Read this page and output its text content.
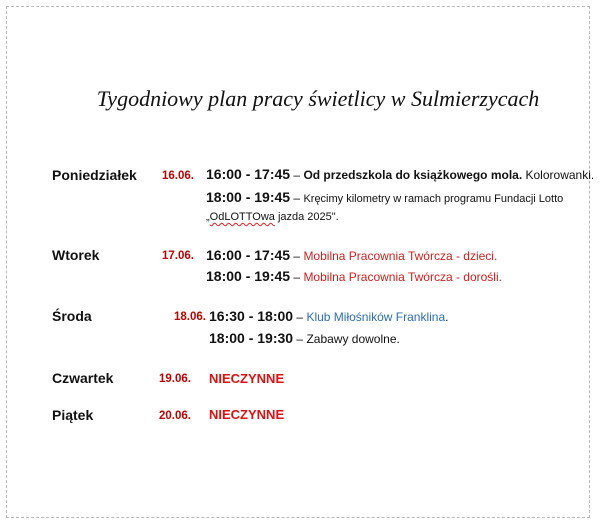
Tygodniowy plan pracy świetlicy w Sulmierzycach
Poniedziałek 16.06. 16:00 - 17:45 – Od przedszkola do książkowego mola. Kolorowanki.
18:00 - 19:45 – Kręcimy kilometry w ramach programu Fundacji Lotto
„OdLOTTOwa jazda 2025".
Wtorek	17.06. 16:00 - 17:45 – Mobilna Pracownia Twórcza - dzieci.
18:00 - 19:45 – Mobilna Pracownia Twórcza - dorośli.
Środa	18.06. 16:30 - 18:00 – Klub Miłośników Franklina.
18:00 - 19:30 – Zabawy dowolne.
Czwartek	19.06. NIECZYNNE
Piątek	20.06. NIECZYNNE
